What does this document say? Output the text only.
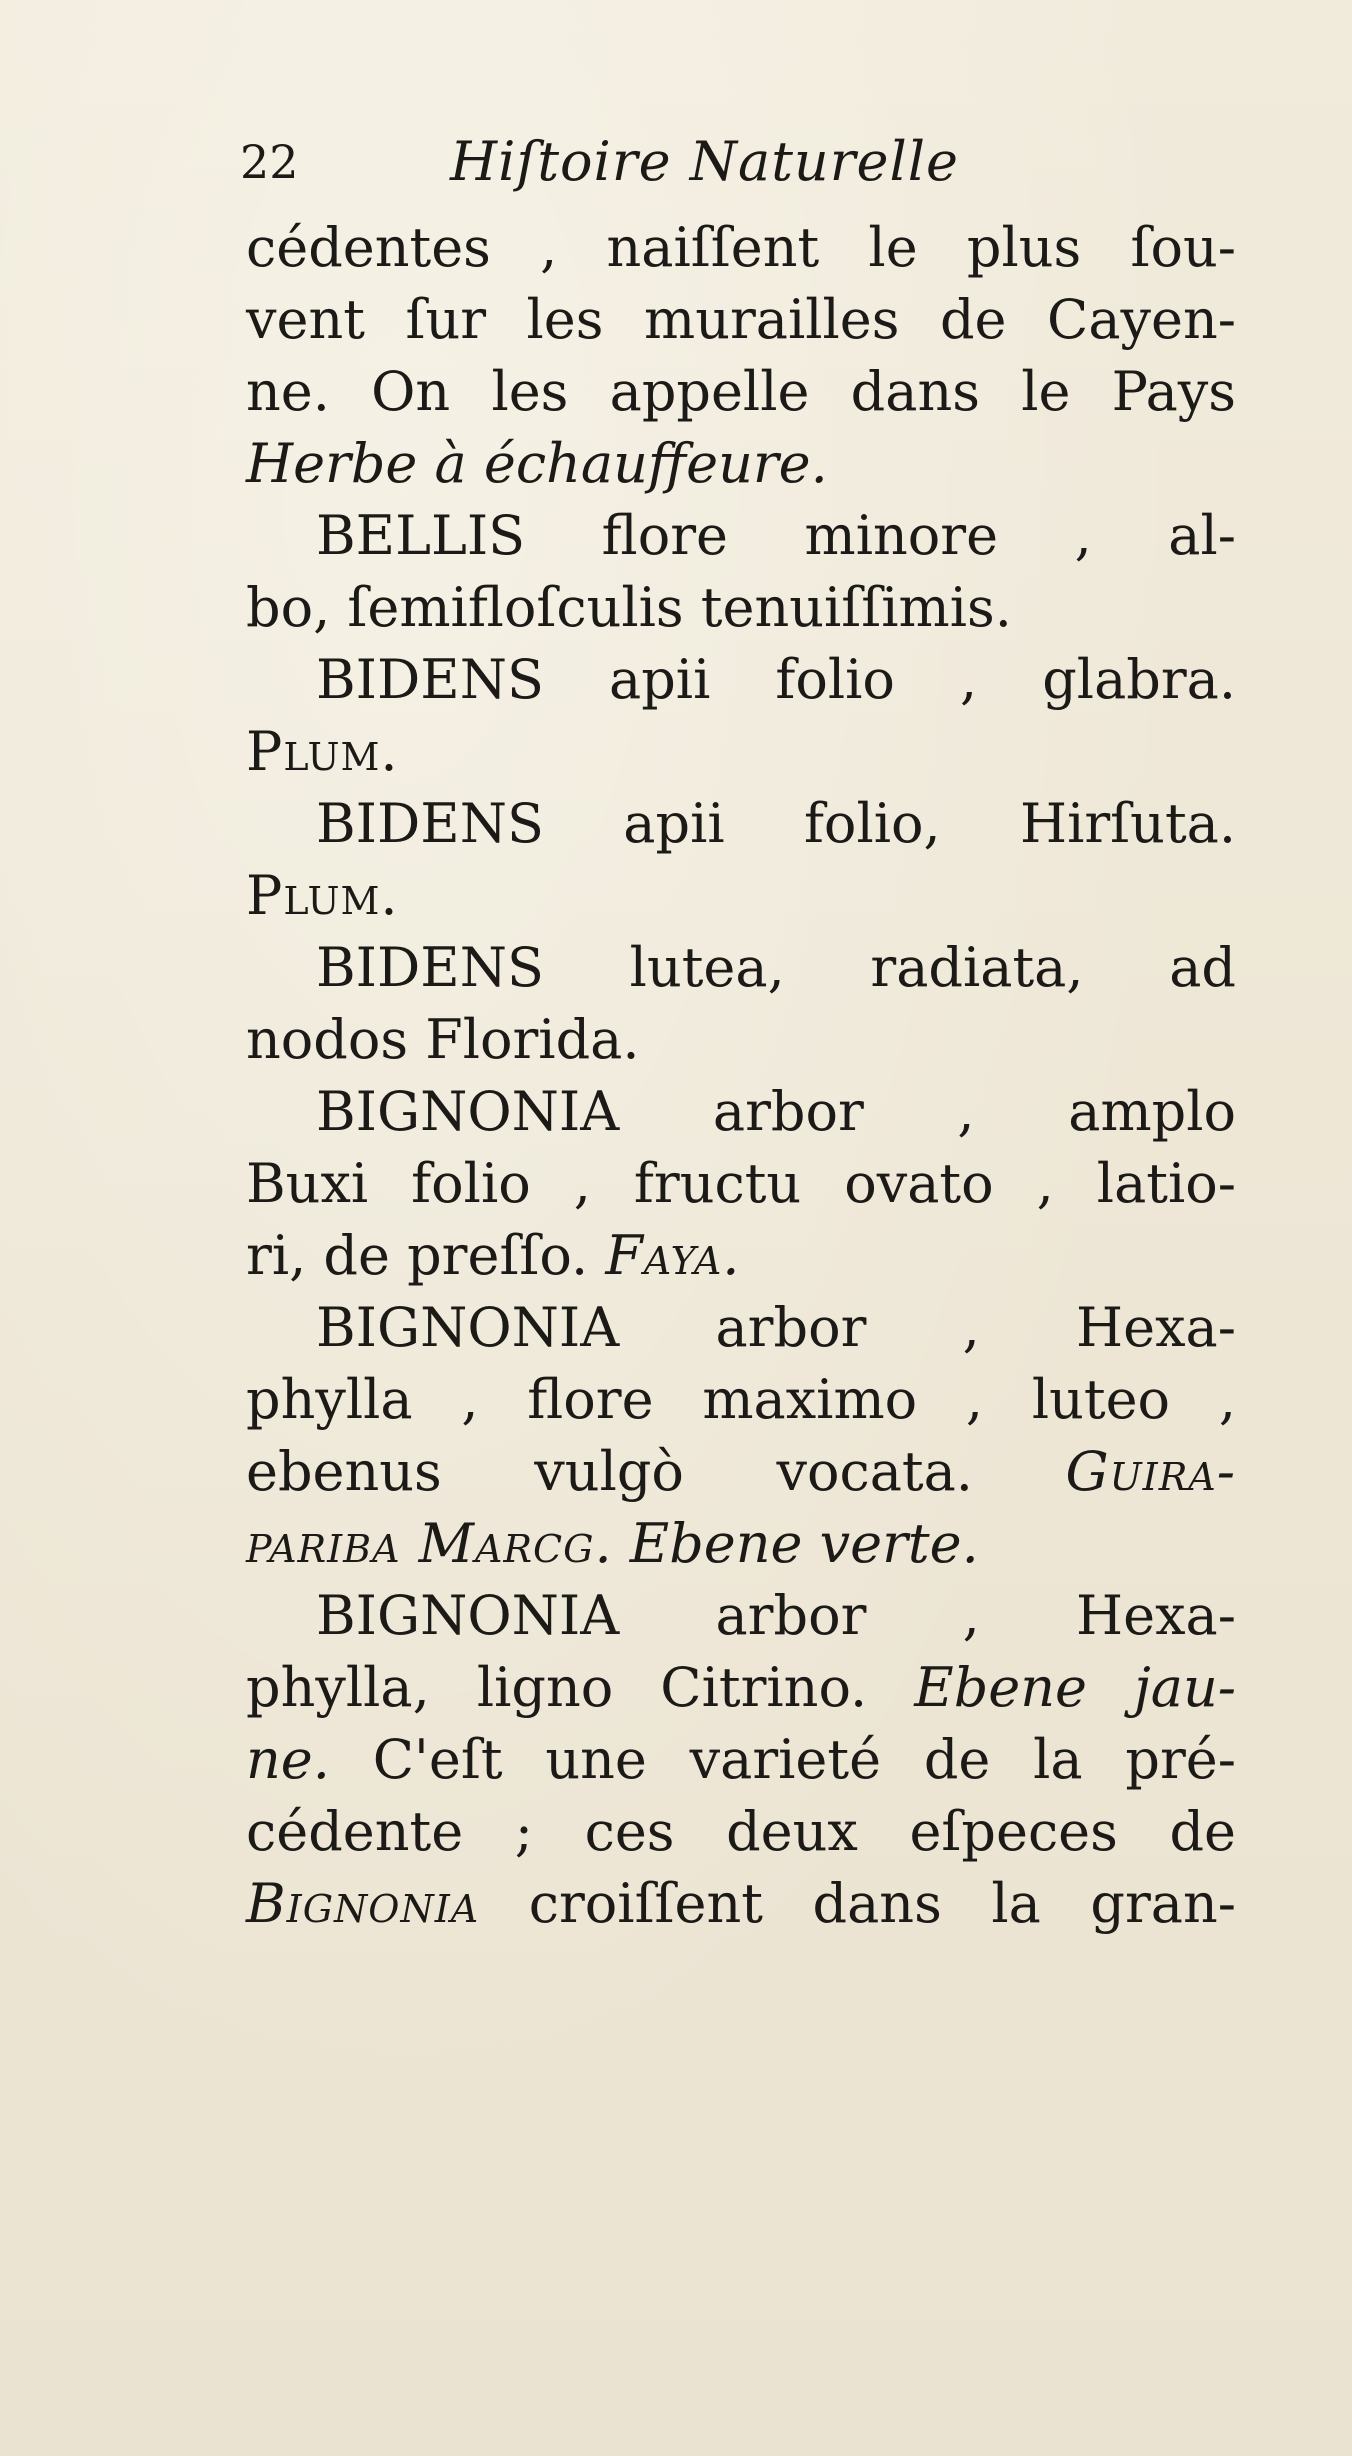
22	Hiſtoire Naturelle
cédentes , naiſſent le plus ſou-
vent ſur les murailles de Cayen-
ne. On les appelle dans le Pays
Herbe à échauffeure.
BELLIS flore minore , al-
bo, ſemifloſculis tenuiſſimis.
BIDENS apii folio , glabra.
Plum.
BIDENS apii folio, Hirſuta.
Plum.
BIDENS lutea, radiata, ad
nodos Florida.
BIGNONIA arbor , amplo
Buxi folio , fructu ovato , latio-
ri, de preſſo. Faya.
BIGNONIA arbor , Hexa-
phylla , flore maximo , luteo ,
ebenus vulgò vocata. Guira-
pariba Marcg. Ebene verte.
BIGNONIA arbor , Hexa-
phylla, ligno Citrino. Ebene jau-
ne. C'eſt une varieté de la pré-
cédente ; ces deux eſpeces de
Bignonia croiſſent dans la gran-
